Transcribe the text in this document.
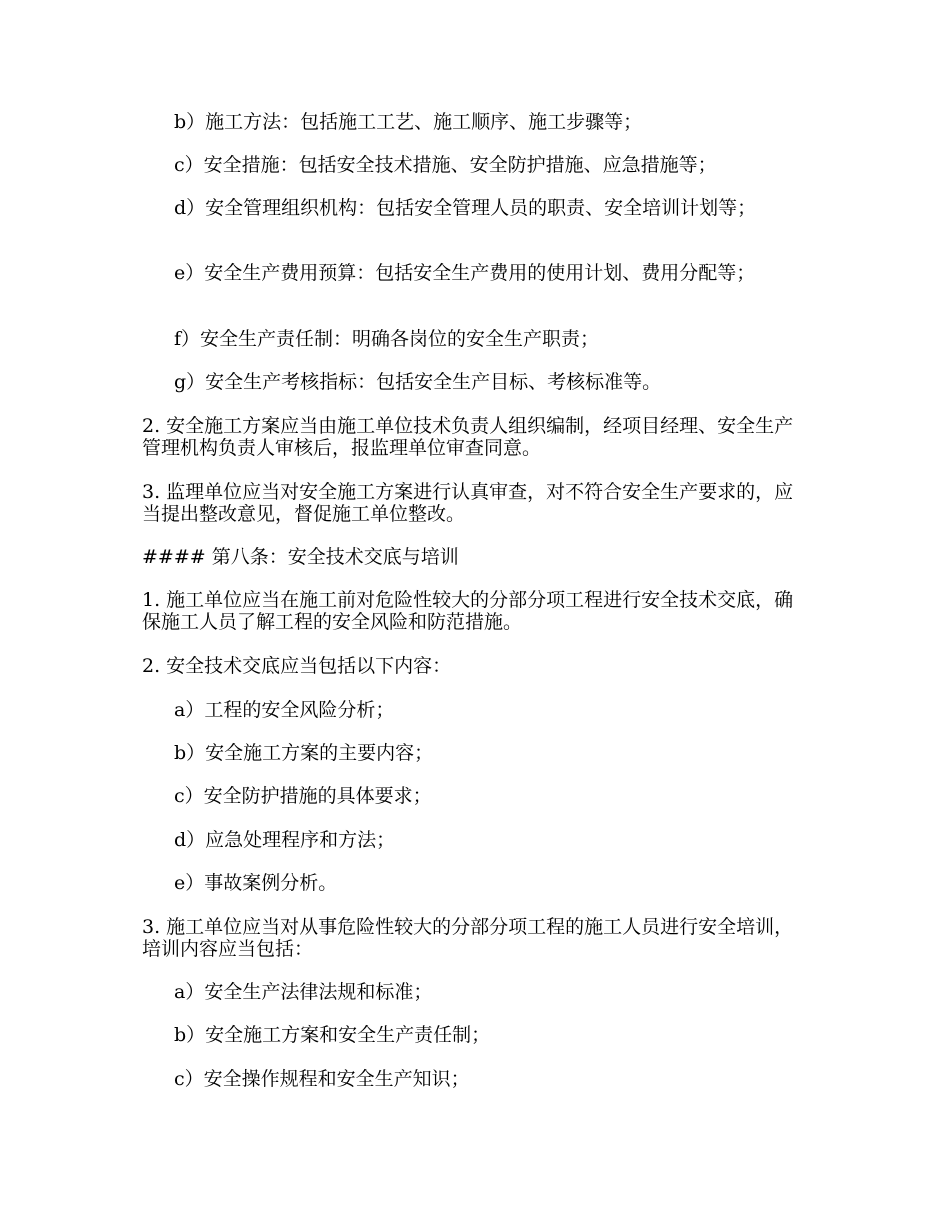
b）施工方法：包括施工工艺、施工顺序、施工步骤等；

c）安全措施：包括安全技术措施、安全防护措施、应急措施等；

d）安全管理组织机构：包括安全管理人员的职责、安全培训计划等；

e）安全生产费用预算：包括安全生产费用的使用计划、费用分配等；

f）安全生产责任制：明确各岗位的安全生产职责；

g）安全生产考核指标：包括安全生产目标、考核标准等。

2. 安全施工方案应当由施工单位技术负责人组织编制，经项目经理、安全生产管理机构负责人审核后，报监理单位审查同意。

3. 监理单位应当对安全施工方案进行认真审查，对不符合安全生产要求的，应当提出整改意见，督促施工单位整改。

#### 第八条：安全技术交底与培训

1. 施工单位应当在施工前对危险性较大的分部分项工程进行安全技术交底，确保施工人员了解工程的安全风险和防范措施。

2. 安全技术交底应当包括以下内容：

a）工程的安全风险分析；

b）安全施工方案的主要内容；

c）安全防护措施的具体要求；

d）应急处理程序和方法；

e）事故案例分析。

3. 施工单位应当对从事危险性较大的分部分项工程的施工人员进行安全培训，培训内容应当包括：

a）安全生产法律法规和标准；

b）安全施工方案和安全生产责任制；

c）安全操作规程和安全生产知识；
